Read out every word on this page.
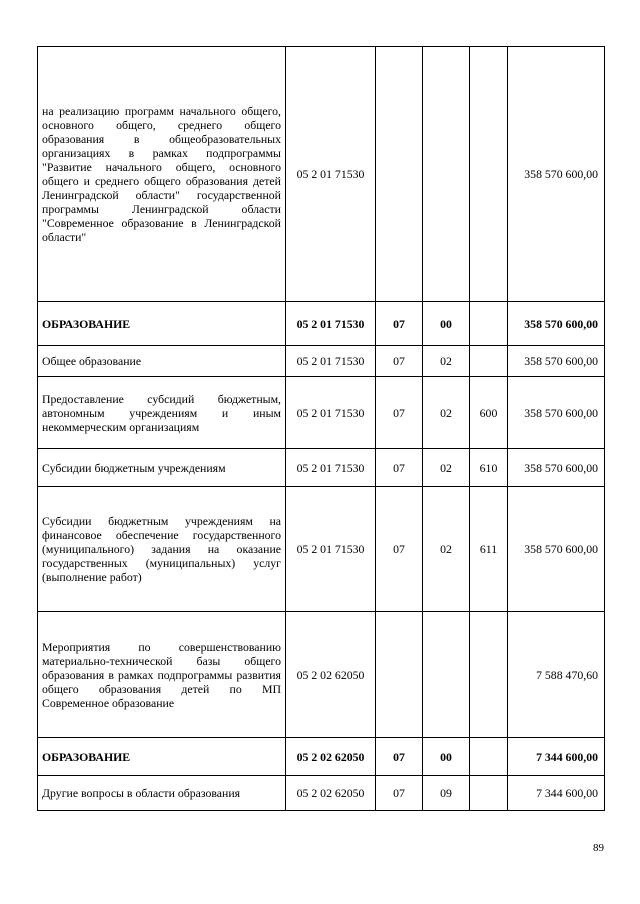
на реализацию программ начального общего, основного общего, среднего общего образования в общеобразовательных организациях в рамках подпрограммы "Развитие начального общего, основного общего и среднего общего образования детей Ленинградской области" государственной программы Ленинградской области "Современное образование в Ленинградской области"	05 2 01 71530				358 570 600,00
ОБРАЗОВАНИЕ	05 2 01 71530	07	00		358 570 600,00
Общее образование	05 2 01 71530	07	02		358 570 600,00
Предоставление субсидий бюджетным, автономным учреждениям и иным некоммерческим организациям	05 2 01 71530	07	02	600	358 570 600,00
Субсидии бюджетным учреждениям	05 2 01 71530	07	02	610	358 570 600,00
Субсидии бюджетным учреждениям на финансовое обеспечение государственного (муниципального) задания на оказание государственных (муниципальных) услуг (выполнение работ)	05 2 01 71530	07	02	611	358 570 600,00
Мероприятия по совершенствованию материально-технической базы общего образования в рамках подпрограммы развития общего образования детей по МП Современное образование	05 2 02 62050				7 588 470,60
ОБРАЗОВАНИЕ	05 2 02 62050	07	00		7 344 600,00
Другие вопросы в области образования	05 2 02 62050	07	09		7 344 600,00
89
